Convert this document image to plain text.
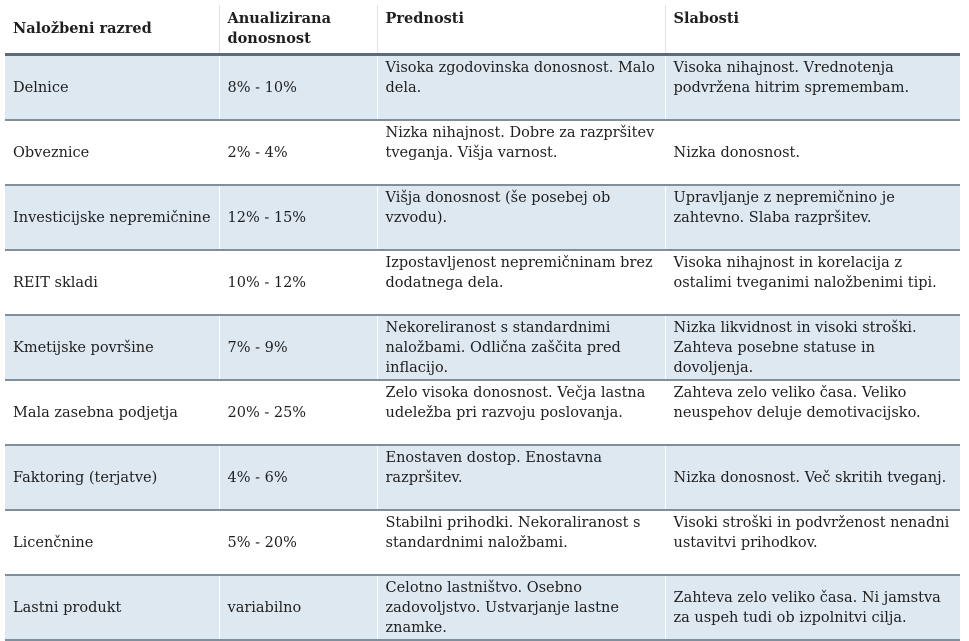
Naložbeni razred	Anualizirana donosnost	Prednosti	Slabosti
Delnice	8% - 10%	Visoka zgodovinska donosnost. Malo dela.	Visoka nihajnost. Vrednotenja podvržena hitrim spremembam.
Obveznice	2% - 4%	Nizka nihajnost. Dobre za razpršitev tveganja. Višja varnost.	Nizka donosnost.
Investicijske nepremičnine	12% - 15%	Višja donosnost (še posebej ob vzvodu).	Upravljanje z nepremičnino je zahtevno. Slaba razpršitev.
REIT skladi	10% - 12%	Izpostavljenost nepremičninam brez dodatnega dela.	Visoka nihajnost in korelacija z ostalimi tveganimi naložbenimi tipi.
Kmetijske površine	7% - 9%	Nekoreliranost s standardnimi naložbami. Odlična zaščita pred inflacijo.	Nizka likvidnost in visoki stroški. Zahteva posebne statuse in dovoljenja.
Mala zasebna podjetja	20% - 25%	Zelo visoka donosnost. Večja lastna udeležba pri razvoju poslovanja.	Zahteva zelo veliko časa. Veliko neuspehov deluje demotivacijsko.
Faktoring (terjatve)	4% - 6%	Enostaven dostop. Enostavna razpršitev.	Nizka donosnost. Več skritih tveganj.
Licenčnine	5% - 20%	Stabilni prihodki. Nekoraliranost s standardnimi naložbami.	Visoki stroški in podvrženost nenadni ustavitvi prihodkov.
Lastni produkt	variabilno	Celotno lastništvo. Osebno zadovoljstvo. Ustvarjanje lastne znamke.	Zahteva zelo veliko časa. Ni jamstva za uspeh tudi ob izpolnitvi cilja.
